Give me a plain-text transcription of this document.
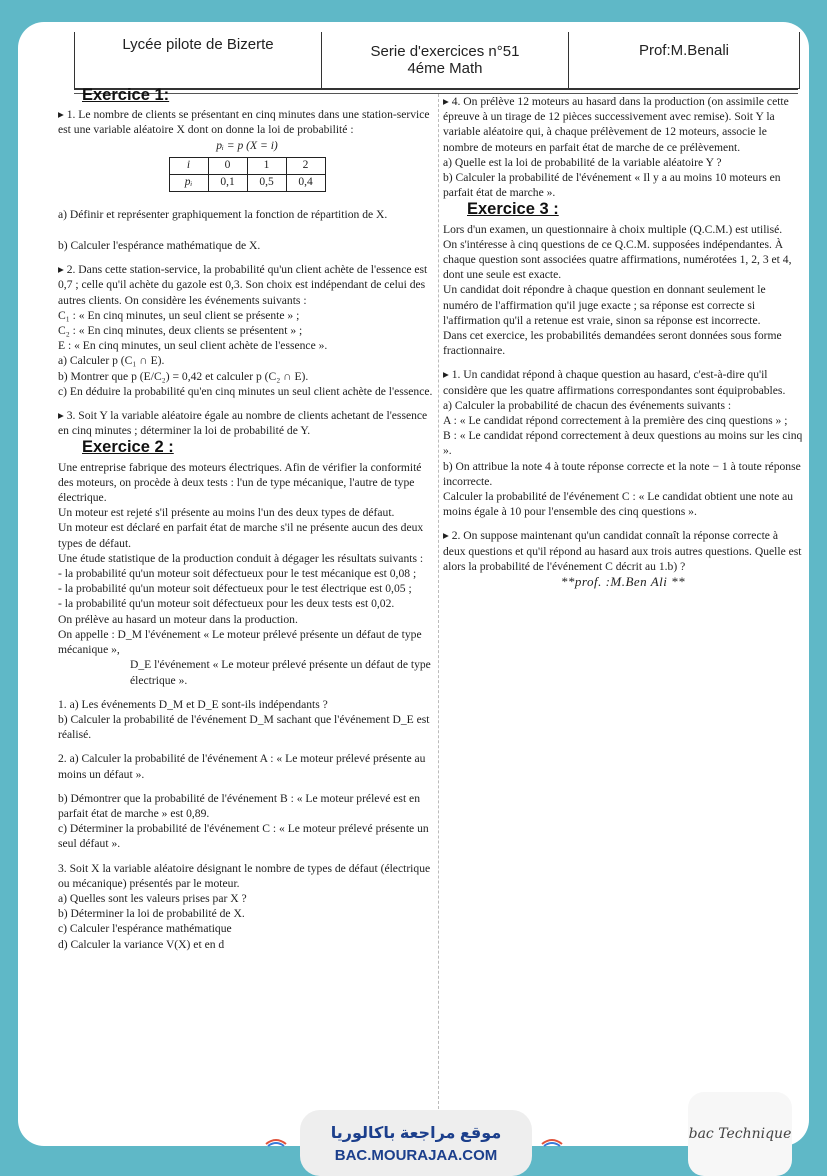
Lycée pilote de Bizerte	Serie d'exercices n°51
4éme Math
Prof:M.Benali
Exercice 1:

▸ 1. Le nombre de clients se présentant en cinq minutes dans une station-service est une variable aléatoire X dont on donne la loi de probabilité :

pᵢ = p (X = i)

i	0	1	2
pᵢ	0,1	0,5	0,4

a) Définir et représenter graphiquement la fonction de répartition de X.

b) Calculer l'espérance mathématique de X.

▸ 2. Dans cette station-service, la probabilité qu'un client achète de l'essence est 0,7 ; celle qu'il achète du gazole est 0,3. Son choix est indépendant de celui des autres clients. On considère les événements suivants :

C₁ : « En cinq minutes, un seul client se présente » ;

C₂ : « En cinq minutes, deux clients se présentent » ;

E : « En cinq minutes, un seul client achète de l'essence ».

a) Calculer p (C₁ ∩ E).

b) Montrer que p (E/C₂) = 0,42 et calculer p (C₂ ∩ E).

c) En déduire la probabilité qu'en cinq minutes un seul client achète de l'essence.

▸ 3. Soit Y la variable aléatoire égale au nombre de clients achetant de l'essence en cinq minutes ; déterminer la loi de probabilité de Y.

Exercice 2 :

Une entreprise fabrique des moteurs électriques. Afin de vérifier la conformité des moteurs, on procède à deux tests : l'un de type mécanique, l'autre de type électrique.

Un moteur est rejeté s'il présente au moins l'un des deux types de défaut.

Un moteur est déclaré en parfait état de marche s'il ne présente aucun des deux types de défaut.

Une étude statistique de la production conduit à dégager les résultats suivants :

- la probabilité qu'un moteur soit défectueux pour le test mécanique est 0,08 ;

- la probabilité qu'un moteur soit défectueux pour le test électrique est 0,05 ;

- la probabilité qu'un moteur soit défectueux pour les deux tests est 0,02.

On prélève au hasard un moteur dans la production.

On appelle : D_M l'événement « Le moteur prélevé présente un défaut de type mécanique »,

D_E l'événement « Le moteur prélevé présente un défaut de type électrique ».

1. a) Les événements D_M et D_E sont-ils indépendants ?

b) Calculer la probabilité de l'événement D_M sachant que l'événement D_E est réalisé.

2. a) Calculer la probabilité de l'événement A : « Le moteur prélevé présente au moins un défaut ».

b) Démontrer que la probabilité de l'événement B : « Le moteur prélevé est en parfait état de marche » est 0,89.

c) Déterminer la probabilité de l'événement C : « Le moteur prélevé présente un seul défaut ».

3. Soit X la variable aléatoire désignant le nombre de types de défaut (électrique ou mécanique) présentés par le moteur.

a) Quelles sont les valeurs prises par X ?

b) Déterminer la loi de probabilité de X.

c) Calculer l'espérance mathématique

d) Calculer la variance V(X) et en d

▸ 4. On prélève 12 moteurs au hasard dans la production (on assimile cette épreuve à un tirage de 12 pièces successivement avec remise). Soit Y la variable aléatoire qui, à chaque prélèvement de 12 moteurs, associe le nombre de moteurs en parfait état de marche de ce prélèvement.

a) Quelle est la loi de probabilité de la variable aléatoire Y ?

b) Calculer la probabilité de l'événement « Il y a au moins 10 moteurs en parfait état de marche ».

Exercice 3 :

Lors d'un examen, un questionnaire à choix multiple (Q.C.M.) est utilisé.

On s'intéresse à cinq questions de ce Q.C.M. supposées indépendantes. À chaque question sont associées quatre affirmations, numérotées 1, 2, 3 et 4, dont une seule est exacte.

Un candidat doit répondre à chaque question en donnant seulement le numéro de l'affirmation qu'il juge exacte ; sa réponse est correcte si l'affirmation qu'il a retenue est vraie, sinon sa réponse est incorrecte.

Dans cet exercice, les probabilités demandées seront données sous forme fractionnaire.

▸ 1. Un candidat répond à chaque question au hasard, c'est-à-dire qu'il considère que les quatre affirmations correspondantes sont équiprobables.

a) Calculer la probabilité de chacun des événements suivants :

A : « Le candidat répond correctement à la première des cinq questions » ;

B : « Le candidat répond correctement à deux questions au moins sur les cinq ».

b) On attribue la note 4 à toute réponse correcte et la note − 1 à toute réponse incorrecte.

Calculer la probabilité de l'événement C : « Le candidat obtient une note au moins égale à 10 pour l'ensemble des cinq questions ».

▸ 2. On suppose maintenant qu'un candidat connaît la réponse correcte à deux questions et qu'il répond au hasard aux trois autres questions. Quelle est alors la probabilité de l'événement C décrit au 1.b) ?

**prof. :M.Ben Ali **

موقع مراجعة باكالوريا
BAC.MOURAJAA.COM
bac Technique
